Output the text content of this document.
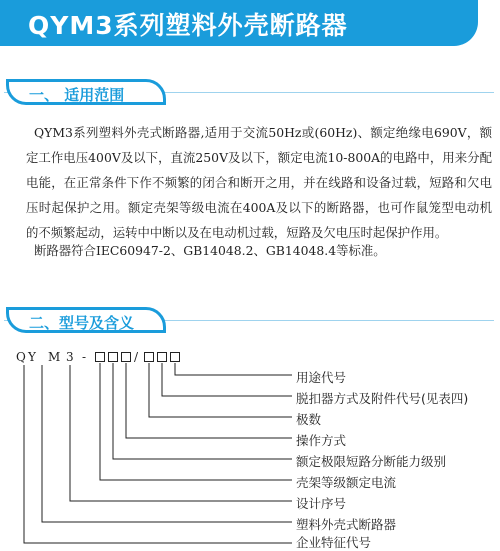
QYM3系列塑料外壳断路器
一、 适用范围
QYM3系列塑料外壳式断路器,适用于交流50Hz或(60Hz)、额定绝缘电690V，额定工作电压400V及以下，直流250V及以下，额定电流10-800A的电路中，用来分配电能，在正常条件下作不频繁的闭合和断开之用，并在线路和设备过载，短路和欠电压时起保护之用。额定壳架等级电流在400A及以下的断路器，也可作鼠笼型电动机的不频繁起动，运转中中断以及在电动机过载，短路及欠电压时起保护作用。
断路器符合IEC60947-2、GB14048.2、GB14048.4等标准。
二、型号及含义
Q Y M 3 -	/
用途代号
脱扣器方式及附件代号(见表四)
极数
操作方式
额定极限短路分断能力级别
壳架等级额定电流
设计序号
塑料外壳式断路器
企业特征代号
